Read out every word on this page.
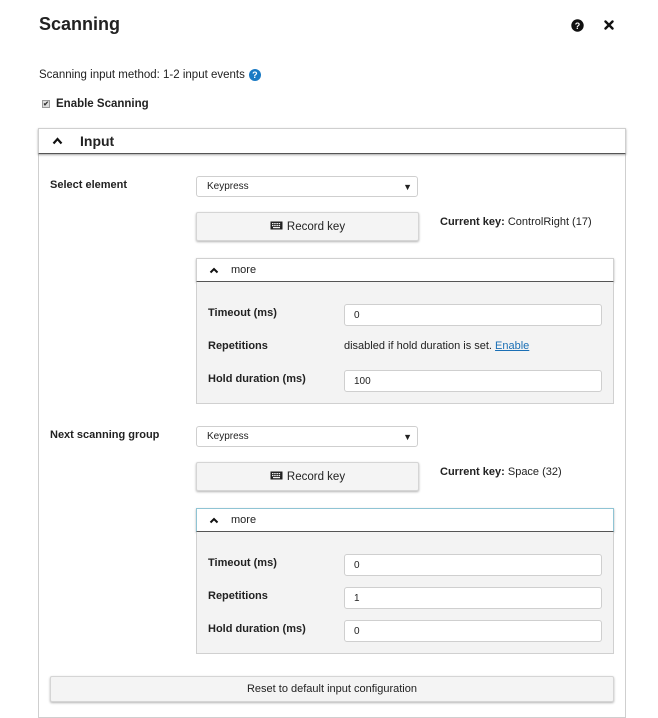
Scanning	?
Scanning input method: 1-2 input events ?
✔ Enable Scanning
Input
Select element	Keypress	▼
Record key	Current key: ControlRight (17)
more
Timeout (ms)	0
Repetitions	disabled if hold duration is set. Enable
Hold duration (ms)	100
Next scanning group	Keypress	▼
Record key	Current key: Space (32)
more
Timeout (ms)	0
Repetitions	1
Hold duration (ms)	0
Reset to default input configuration
